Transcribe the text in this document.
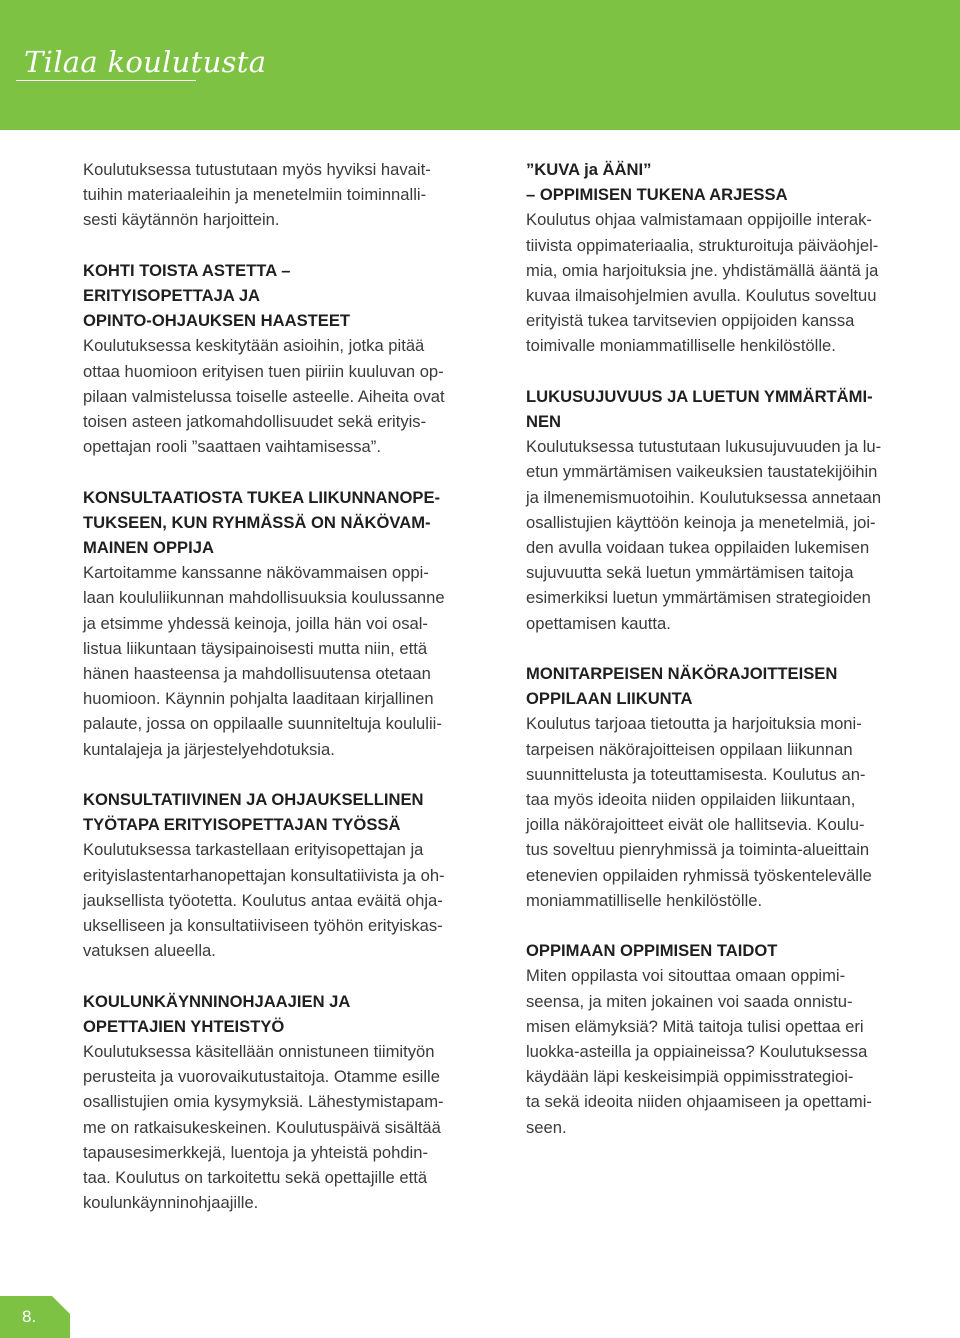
Tilaa koulutusta
Koulutuksessa tutustutaan myös hyviksi havait-
tuihin materiaaleihin ja menetelmiin toiminnalli-
sesti käytännön harjoittein.
KOHTI TOISTA ASTETTA –
ERITYISOPETTAJA JA
OPINTO-OHJAUKSEN HAASTEET
Koulutuksessa keskitytään asioihin, jotka pitää
ottaa huomioon erityisen tuen piiriin kuuluvan op-
pilaan valmistelussa toiselle asteelle. Aiheita ovat
toisen asteen jatkomahdollisuudet sekä erityis-
opettajan rooli ”saattaen vaihtamisessa”.
KONSULTAATIOSTA TUKEA LIIKUNNANOPE-
TUKSEEN, KUN RYHMÄSSÄ ON NÄKÖVAM-
MAINEN OPPIJA
Kartoitamme kanssanne näkövammaisen oppi-
laan koululiikunnan mahdollisuuksia koulussanne
ja etsimme yhdessä keinoja, joilla hän voi osal-
listua liikuntaan täysipainoisesti mutta niin, että
hänen haasteensa ja mahdollisuutensa otetaan
huomioon. Käynnin pohjalta laaditaan kirjallinen
palaute, jossa on oppilaalle suunniteltuja koululii-
kuntalajeja ja järjestelyehdotuksia.
KONSULTATIIVINEN JA OHJAUKSELLINEN
TYÖTAPA ERITYISOPETTAJAN TYÖSSÄ
Koulutuksessa tarkastellaan erityisopettajan ja
erityislastentarhanopettajan konsultatiivista ja oh-
jauksellista työotetta. Koulutus antaa eväitä ohja-
ukselliseen ja konsultatiiviseen työhön erityiskas-
vatuksen alueella.
KOULUNKÄYNNINOHJAAJIEN JA
OPETTAJIEN YHTEISTYÖ
Koulutuksessa käsitellään onnistuneen tiimityön
perusteita ja vuorovaikutustaitoja. Otamme esille
osallistujien omia kysymyksiä. Lähestymistapam-
me on ratkaisukeskeinen. Koulutuspäivä sisältää
tapausesimerkkejä, luentoja ja yhteistä pohdin-
taa. Koulutus on tarkoitettu sekä opettajille että
koulunkäynninohjaajille.
”KUVA ja ÄÄNI”
– OPPIMISEN TUKENA ARJESSA
Koulutus ohjaa valmistamaan oppijoille interak-
tiivista oppimateriaalia, strukturoituja päiväohjel-
mia, omia harjoituksia jne. yhdistämällä ääntä ja
kuvaa ilmaisohjelmien avulla. Koulutus soveltuu
erityistä tukea tarvitsevien oppijoiden kanssa
toimivalle moniammatilliselle henkilöstölle.
LUKUSUJUVUUS JA LUETUN YMMÄRTÄMI-
NEN
Koulutuksessa tutustutaan lukusujuvuuden ja lu-
etun ymmärtämisen vaikeuksien taustatekijöihin
ja ilmenemismuotoihin. Koulutuksessa annetaan
osallistujien käyttöön keinoja ja menetelmiä, joi-
den avulla voidaan tukea oppilaiden lukemisen
sujuvuutta sekä luetun ymmärtämisen taitoja
esimerkiksi luetun ymmärtämisen strategioiden
opettamisen kautta.
MONITARPEISEN NÄKÖRAJOITTEISEN
OPPILAAN LIIKUNTA
Koulutus tarjoaa tietoutta ja harjoituksia moni-
tarpeisen näkörajoitteisen oppilaan liikunnan
suunnittelusta ja toteuttamisesta. Koulutus an-
taa myös ideoita niiden oppilaiden liikuntaan,
joilla näkörajoitteet eivät ole hallitsevia. Koulu-
tus soveltuu pienryhmissä ja toiminta-alueittain
etenevien oppilaiden ryhmissä työskentelevälle
moniammatilliselle henkilöstölle.
OPPIMAAN OPPIMISEN TAIDOT
Miten oppilasta voi sitouttaa omaan oppimi-
seensa, ja miten jokainen voi saada onnistu-
misen elämyksiä? Mitä taitoja tulisi opettaa eri
luokka-asteilla ja oppiaineissa? Koulutuksessa
käydään läpi keskeisimpiä oppimisstrategioi-
ta sekä ideoita niiden ohjaamiseen ja opettami-
seen.
8.
